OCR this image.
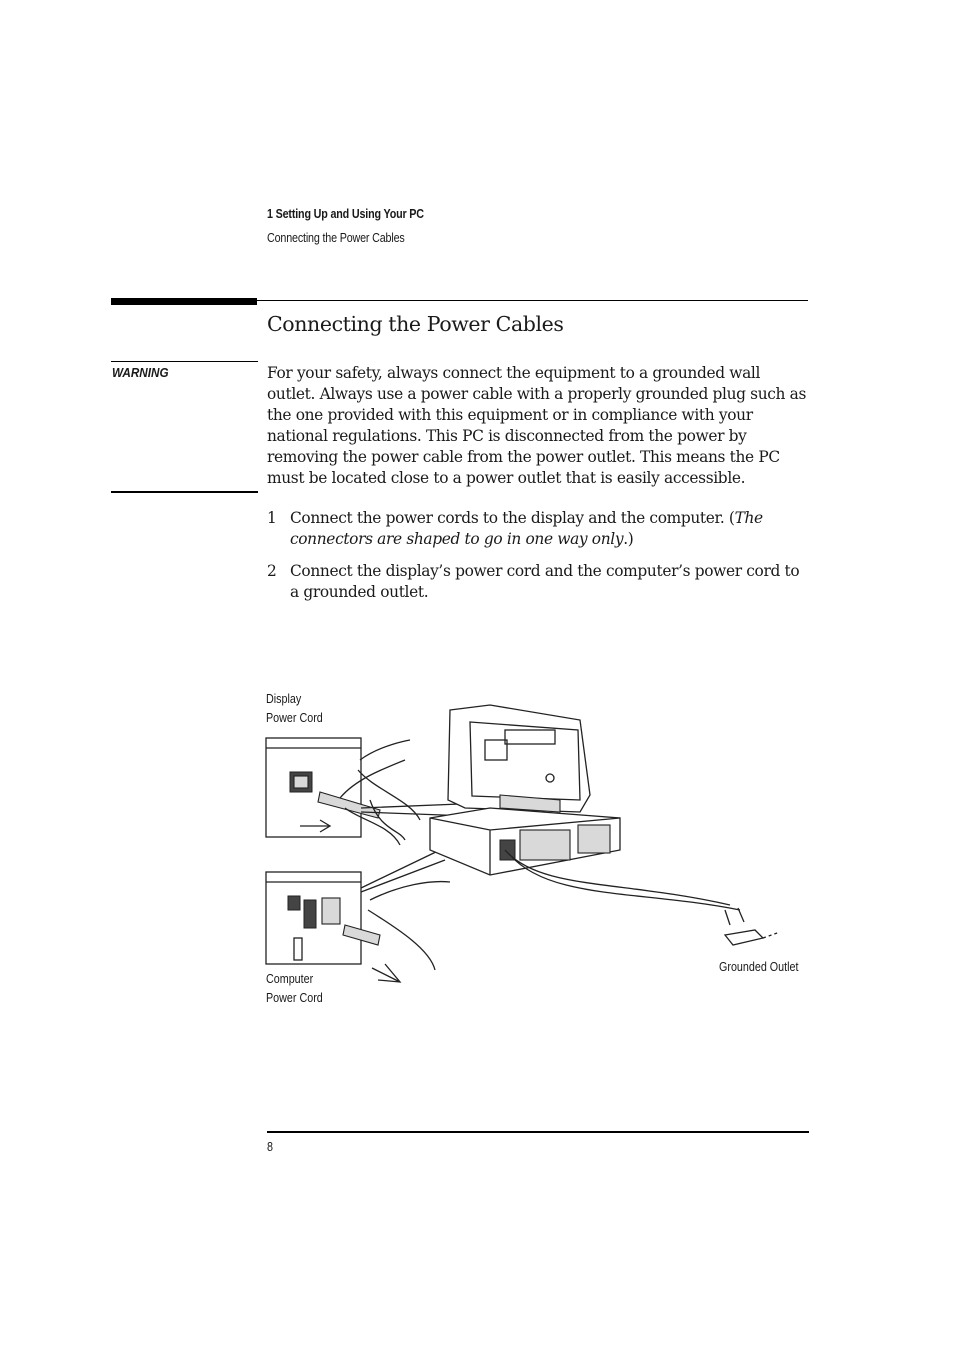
1 Setting Up and Using Your PC
Connecting the Power Cables
Connecting the Power Cables
WARNING	For your safety, always connect the equipment to a grounded wall outlet. Always use a power cable with a properly grounded plug such as the one provided with this equipment or in compliance with your national regulations. This PC is disconnected from the power by removing the power cable from the power outlet. This means the PC must be located close to a power outlet that is easily accessible.
1 Connect the power cords to the display and the computer. (The connectors are shaped to go in one way only.)
2 Connect the display’s power cord and the computer’s power cord to a grounded outlet.
Display
Power Cord
Computer
Power Cord
Grounded Outlet
8
